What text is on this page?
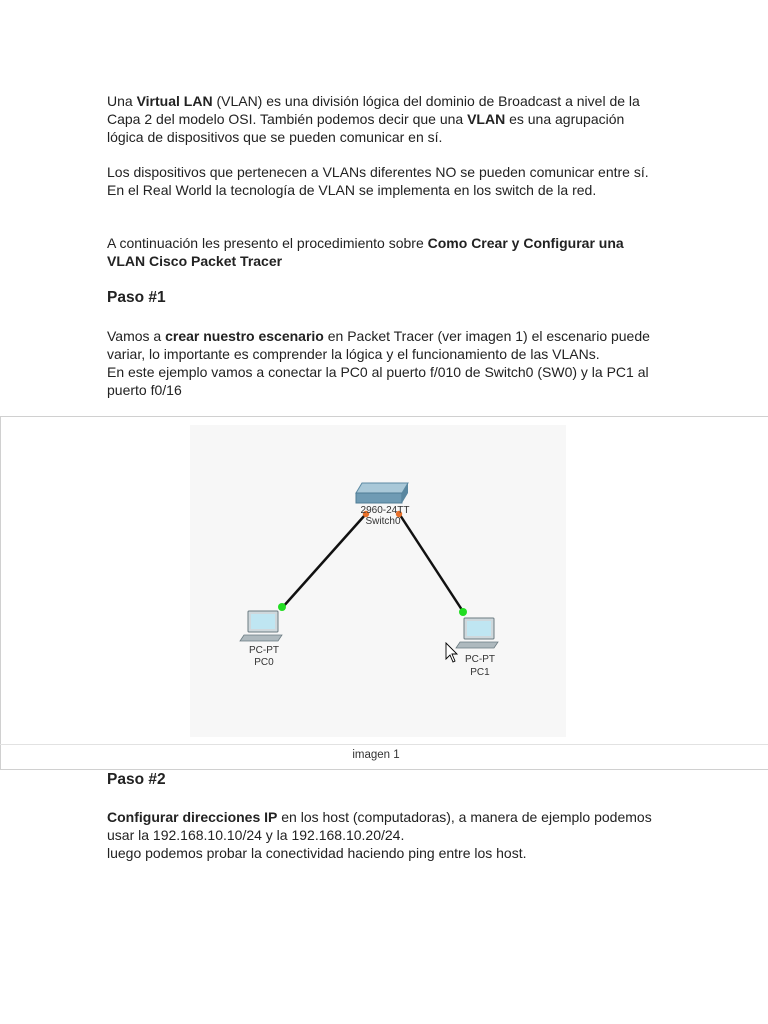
Una Virtual LAN (VLAN) es una división lógica del dominio de Broadcast a nivel de la Capa 2 del modelo OSI. También podemos decir que una VLAN es una agrupación lógica de dispositivos que se pueden comunicar en sí.

Los dispositivos que pertenecen a VLANs diferentes NO se pueden comunicar entre sí. En el Real World la tecnología de VLAN se implementa en los switch de la red.

A continuación les presento el procedimiento sobre Como Crear y Configurar una VLAN Cisco Packet Tracer

Paso #1

Vamos a crear nuestro escenario en Packet Tracer (ver imagen 1) el escenario puede variar, lo importante es comprender la lógica y el funcionamiento de las VLANs.

En este ejemplo vamos a conectar la PC0 al puerto f/010 de Switch0 (SW0) y la PC1 al puerto f0/16

2960-24TT
Switch0
PC-PT
PC0	PC-PT
PC1
imagen 1
Paso #2

Configurar direcciones IP en los host (computadoras), a manera de ejemplo podemos usar la 192.168.10.10/24 y la 192.168.10.20/24.

luego podemos probar la conectividad haciendo ping entre los host.
